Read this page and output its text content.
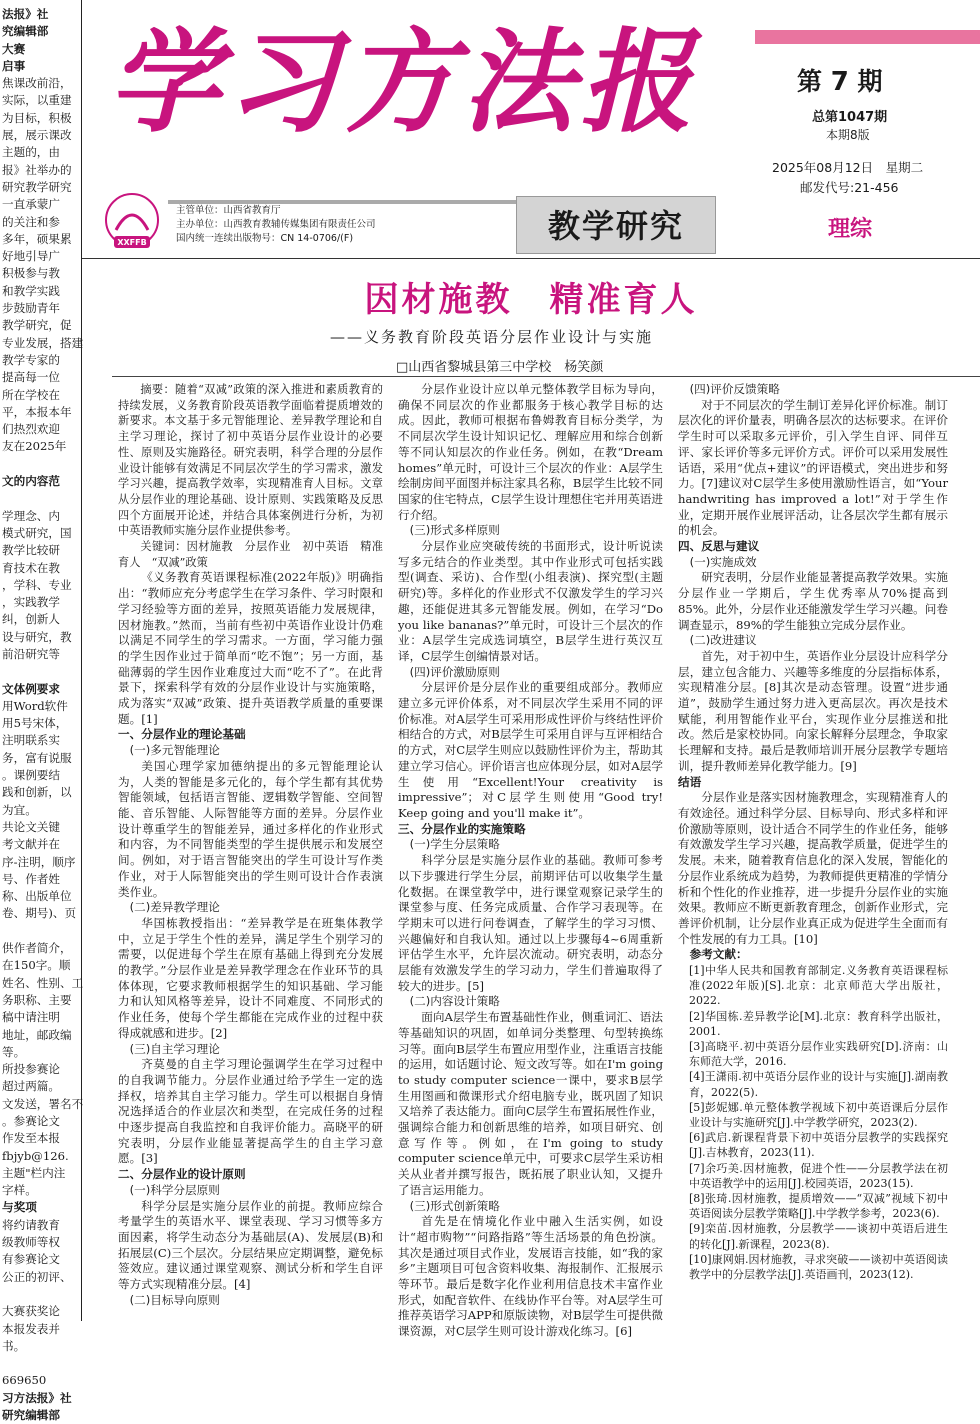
法报》社
究编辑部
大赛
启事
焦课改前沿，
实际，以重建
为目标，积极
展，展示课改
主题的，由
报》社举办的
研究教学研究
一直承蒙广
的关注和参
多年，硕果累
好地引导广
积极参与教
和教学实践
步鼓励青年
教学研究，促
专业发展，搭建
教学专家的
提高每一位
所在学校在
平，本报本年
们热烈欢迎
友在2025年

文的内容范

学理念、内
模式研究，国
教学比较研
育技术在教
，学科、专业
，实践教学
纠，创新人
设与研究，教
前沿研究等

文体例要求
用Word软件
用5号宋体，
注明联系实
务，富有说服
。课例要结
践和创新，以
为宜。
共论文关键
考文献并在
序-注明，顺序
号、作者姓
称、出版单位
卷、期号)、页

供作者简介，
在150字。顺
姓名、性别、工
务职称、主要
稿中请注明
地址，邮政编
等。
所投参赛论
超过两篇。
文发送，署名不
。参赛论文
作发至本报
fbjyb@126.
主题"栏内注
字样。
与奖项
将约请教育
级教师等权
有参赛论文
公正的初评、

大赛获奖论
本报发表并
书。

669650
习方法报》社
研究编辑部
学习方法报	第 7 期
总第1047期
本期8版
2025年08月12日　星期二
邮发代号:21-456
XXFFB
主管单位：山西省教育厅
主办单位：山西教育教辅传媒集团有限责任公司
国内统一连续出版物号：CN 14-0706/(F)	教学研究	理综
因材施教　精准育人
——义务教育阶段英语分层作业设计与实施
□山西省黎城县第三中学校　杨笑颜

摘要：随着“双减”政策的深入推进和素质教育的持续发展，义务教育阶段英语教学面临着提质增效的新要求。本文基于多元智能理论、差异教学理论和自主学习理论，探讨了初中英语分层作业设计的必要性、原则及实施路径。研究表明，科学合理的分层作业设计能够有效满足不同层次学生的学习需求，激发学习兴趣，提高教学效率，实现精准育人目标。文章从分层作业的理论基础、设计原则、实践策略及反思四个方面展开论述，并结合具体案例进行分析，为初中英语教师实施分层作业提供参考。

关键词：因材施教　分层作业　初中英语　精准育人　“双减”政策

《义务教育英语课程标准(2022年版)》明确指出：“教师应充分考虑学生在学习条件、学习时限和学习经验等方面的差异，按照英语能力发展规律，因材施教。”然而，当前有些初中英语作业设计仍难以满足不同学生的学习需求。一方面，学习能力强的学生因作业过于简单而“吃不饱”；另一方面，基础薄弱的学生因作业难度过大而“吃不了”。在此背景下，探索科学有效的分层作业设计与实施策略，成为落实“双减”政策、提升英语教学质量的重要课题。[1]

一、分层作业的理论基础

(一)多元智能理论

美国心理学家加德纳提出的多元智能理论认为，人类的智能是多元化的，每个学生都有其优势智能领域，包括语言智能、逻辑数学智能、空间智能、音乐智能、人际智能等方面的差异。分层作业设计尊重学生的智能差异，通过多样化的作业形式和内容，为不同智能类型的学生提供展示和发展空间。例如，对于语言智能突出的学生可设计写作类作业，对于人际智能突出的学生则可设计合作表演类作业。

(二)差异教学理论

华国栋教授指出：“差异教学是在班集体教学中，立足于学生个性的差异，满足学生个别学习的需要，以促进每个学生在原有基础上得到充分发展的教学。”分层作业是差异教学理念在作业环节的具体体现，它要求教师根据学生的知识基础、学习能力和认知风格等差异，设计不同难度、不同形式的作业任务，使每个学生都能在完成作业的过程中获得成就感和进步。[2]

(三)自主学习理论

齐莫曼的自主学习理论强调学生在学习过程中的自我调节能力。分层作业通过给予学生一定的选择权，培养其自主学习能力。学生可以根据自身情况选择适合的作业层次和类型，在完成任务的过程中逐步提高自我监控和自我评价能力。高晓平的研究表明，分层作业能显著提高学生的自主学习意愿。[3]

二、分层作业的设计原则

(一)科学分层原则

科学分层是实施分层作业的前提。教师应综合考量学生的英语水平、课堂表现、学习习惯等多方面因素，将学生动态分为基础层(A)、发展层(B)和拓展层(C)三个层次。分层结果应定期调整，避免标签效应。建议通过课堂观察、测试分析和学生自评等方式实现精准分层。[4]

(二)目标导向原则

分层作业设计应以单元整体教学目标为导向，确保不同层次的作业都服务于核心教学目标的达成。因此，教师可根据布鲁姆教育目标分类学，为不同层次学生设计知识记忆、理解应用和综合创新等不同认知层次的作业任务。例如，在教“Dream homes”单元时，可设计三个层次的作业：A层学生绘制房间平面图并标注家具名称，B层学生比较不同国家的住宅特点，C层学生设计理想住宅并用英语进行介绍。

(三)形式多样原则

分层作业应突破传统的书面形式，设计听说读写多元结合的作业类型。其中作业形式可包括实践型(调查、采访)、合作型(小组表演)、探究型(主题研究)等。多样化的作业形式不仅激发学生的学习兴趣，还能促进其多元智能发展。例如，在学习“Do you like bananas?”单元时，可设计三个层次的作业：A层学生完成选词填空，B层学生进行英汉互译，C层学生创编情景对话。

(四)评价激励原则

分层评价是分层作业的重要组成部分。教师应建立多元评价体系，对不同层次学生采用不同的评价标准。对A层学生可采用形成性评价与终结性评价相结合的方式，对B层学生可采用自评与互评相结合的方式，对C层学生则应以鼓励性评价为主，帮助其建立学习信心。评价语言也应体现分层，如对A层学生使用“Excellent!Your creativity is impressive”；对C层学生则使用“Good try! Keep going and you'll make it”。

三、分层作业的实施策略

(一)学生分层策略

科学分层是实施分层作业的基础。教师可参考以下步骤进行学生分层，前期评估可以收集学生量化数据。在课堂教学中，进行课堂观察记录学生的课堂参与度、任务完成质量、合作学习表现等。在学期末可以进行问卷调查，了解学生的学习习惯、兴趣偏好和自我认知。通过以上步骤每4~6周重新评估学生水平，允许层次流动。研究表明，动态分层能有效激发学生的学习动力，学生们普遍取得了较大的进步。[5]

(二)内容设计策略

面向A层学生布置基础性作业，侧重词汇、语法等基础知识的巩固，如单词分类整理、句型转换练习等。面向B层学生布置应用型作业，注重语言技能的运用，如话题讨论、短文改写等。如在I'm going to study computer science一课中，要求B层学生用图画和微课形式介绍电脑专业，既巩固了知识又培养了表达能力。面向C层学生布置拓展性作业，强调综合能力和创新思维的培养，如项目研究、创意写作等。例如，在I'm going to study computer science单元中，可要求C层学生采访相关从业者并撰写报告，既拓展了职业认知，又提升了语言运用能力。

(三)形式创新策略

首先是在情境化作业中融入生活实例，如设计“超市购物”“问路指路”等生活场景的角色扮演。其次是通过项目式作业，发展语言技能，如“我的家乡”主题项目可包含资料收集、海报制作、汇报展示等环节。最后是数字化作业利用信息技术丰富作业形式，如配音软件、在线协作平台等。对A层学生可推荐英语学习APP和原版读物，对B层学生可提供微课资源，对C层学生则可设计游戏化练习。[6]

(四)评价反馈策略

对于不同层次的学生制订差异化评价标准。制订层次化的评价量表，明确各层次的达标要求。在评价学生时可以采取多元评价，引入学生自评、同伴互评、家长评价等多元评价方式。评价可以采用发展性话语，采用“优点+建议”的评语模式，突出进步和努力。[7]建议对C层学生多使用激励性语言，如“Your handwriting has improved a lot!”对于学生作业，定期开展作业展评活动，让各层次学生都有展示的机会。

四、反思与建议

(一)实施成效

研究表明，分层作业能显著提高教学效果。实施分层作业一学期后，学生优秀率从70%提高到85%。此外，分层作业还能激发学生学习兴趣。问卷调查显示，89%的学生能独立完成分层作业。

(二)改进建议

首先，对于初中生，英语作业分层设计应科学分层，建立包含能力、兴趣等多维度的分层指标体系，实现精准分层。[8]其次是动态管理。设置“进步通道”，鼓励学生通过努力进入更高层次。再次是技术赋能，利用智能作业平台，实现作业分层推送和批改。然后是家校协同。向家长解释分层理念，争取家长理解和支持。最后是教师培训开展分层教学专题培训，提升教师差异化教学能力。[9]

结语

分层作业是落实因材施教理念，实现精准育人的有效途径。通过科学分层、目标导向、形式多样和评价激励等原则，设计适合不同学生的作业任务，能够有效激发学生学习兴趣，提高教学质量，促进学生的发展。未来，随着教育信息化的深入发展，智能化的分层作业系统成为趋势，为教师提供更精准的学情分析和个性化的作业推荐，进一步提升分层作业的实施效果。教师应不断更新教育理念，创新作业形式，完善评价机制，让分层作业真正成为促进学生全面而有个性发展的有力工具。[10]

　参考文献：

[1]中华人民共和国教育部制定.义务教育英语课程标准(2022年版)[S].北京：北京师范大学出版社，2022.

[2]华国栋.差异教学论[M].北京：教育科学出版社，2001.

[3]高晓平.初中英语分层作业实践研究[D].济南：山东师范大学，2016.

[4]王潇雨.初中英语分层作业的设计与实施[J].湖南教育，2022(5).

[5]彭妮娜.单元整体教学视域下初中英语课后分层作业设计与实施研究[J].中学教学研究，2023(2).

[6]武启.新课程背景下初中英语分层教学的实践探究[J].吉林教育，2023(11).

[7]余巧美.因材施教，促进个性——分层教学法在初中英语教学中的运用[J].校园英语，2023(15).

[8]张琦.因材施教，提质增效——“双减”视域下初中英语阅读分层教学策略[J].中学教学参考，2023(6).

[9]栾苗.因材施教，分层教学——谈初中英语后进生的转化[J].新课程，2023(8).

[10]康网娟.因材施教，寻求突破——谈初中英语阅读教学中的分层教学法[J].英语画刊，2023(12).
